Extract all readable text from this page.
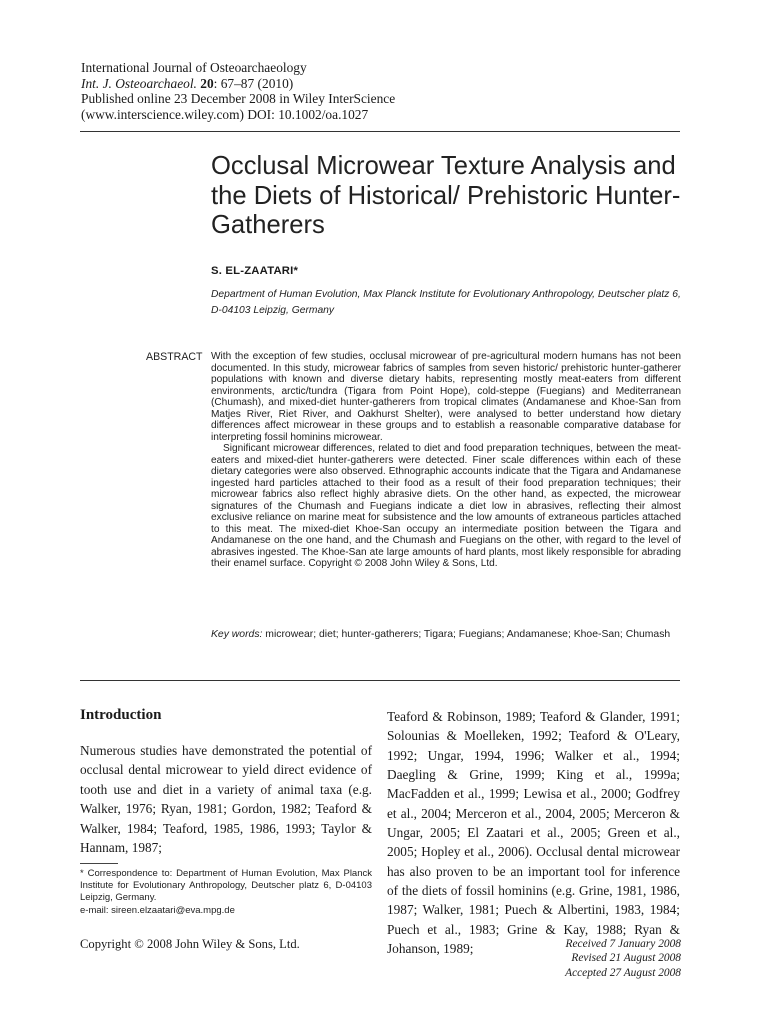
International Journal of Osteoarchaeology
Int. J. Osteoarchaeol. 20: 67–87 (2010)
Published online 23 December 2008 in Wiley InterScience
(www.interscience.wiley.com) DOI: 10.1002/oa.1027
Occlusal Microwear Texture Analysis and the Diets of Historical/ Prehistoric Hunter-Gatherers
S. EL-ZAATARI*
Department of Human Evolution, Max Planck Institute for Evolutionary Anthropology, Deutscher platz 6, D-04103 Leipzig, Germany
ABSTRACT With the exception of few studies, occlusal microwear of pre-agricultural modern humans has not been documented. In this study, microwear fabrics of samples from seven historic/ prehistoric hunter-gatherer populations with known and diverse dietary habits, representing mostly meat-eaters from different environments, arctic/tundra (Tigara from Point Hope), cold-steppe (Fuegians) and Mediterranean (Chumash), and mixed-diet hunter-gatherers from tropical climates (Andamanese and Khoe-San from Matjes River, Riet River, and Oakhurst Shelter), were analysed to better understand how dietary differences affect microwear in these groups and to establish a reasonable comparative database for interpreting fossil hominins microwear.

Significant microwear differences, related to diet and food preparation techniques, between the meat-eaters and mixed-diet hunter-gatherers were detected. Finer scale differences within each of these dietary categories were also observed. Ethnographic accounts indicate that the Tigara and Andamanese ingested hard particles attached to their food as a result of their food preparation techniques; their microwear fabrics also reflect highly abrasive diets. On the other hand, as expected, the microwear signatures of the Chumash and Fuegians indicate a diet low in abrasives, reflecting their almost exclusive reliance on marine meat for subsistence and the low amounts of extraneous particles attached to this meat. The mixed-diet Khoe-San occupy an intermediate position between the Tigara and Andamanese on the one hand, and the Chumash and Fuegians on the other, with regard to the level of abrasives ingested. The Khoe-San ate large amounts of hard plants, most likely responsible for abrading their enamel surface. Copyright © 2008 John Wiley & Sons, Ltd.

Key words: microwear; diet; hunter-gatherers; Tigara; Fuegians; Andamanese; Khoe-San; Chumash
Introduction

Numerous studies have demonstrated the potential of occlusal dental microwear to yield direct evidence of tooth use and diet in a variety of animal taxa (e.g. Walker, 1976; Ryan, 1981; Gordon, 1982; Teaford & Walker, 1984; Teaford, 1985, 1986, 1993; Taylor & Hannam, 1987;

Teaford & Robinson, 1989; Teaford & Glander, 1991; Solounias & Moelleken, 1992; Teaford & O'Leary, 1992; Ungar, 1994, 1996; Walker et al., 1994; Daegling & Grine, 1999; King et al., 1999a; MacFadden et al., 1999; Lewisa et al., 2000; Godfrey et al., 2004; Merceron et al., 2004, 2005; Merceron & Ungar, 2005; El Zaatari et al., 2005; Green et al., 2005; Hopley et al., 2006). Occlusal dental microwear has also proven to be an important tool for inference of the diets of fossil hominins (e.g. Grine, 1981, 1986, 1987; Walker, 1981; Puech & Albertini, 1983, 1984; Puech et al., 1983; Grine & Kay, 1988; Ryan & Johanson, 1989;

* Correspondence to: Department of Human Evolution, Max Planck Institute for Evolutionary Anthropology, Deutscher platz 6, D-04103 Leipzig, Germany.
e-mail: sireen.elzaatari@eva.mpg.de
Copyright © 2008 John Wiley & Sons, Ltd.	Received 7 January 2008
Revised 21 August 2008
Accepted 27 August 2008
